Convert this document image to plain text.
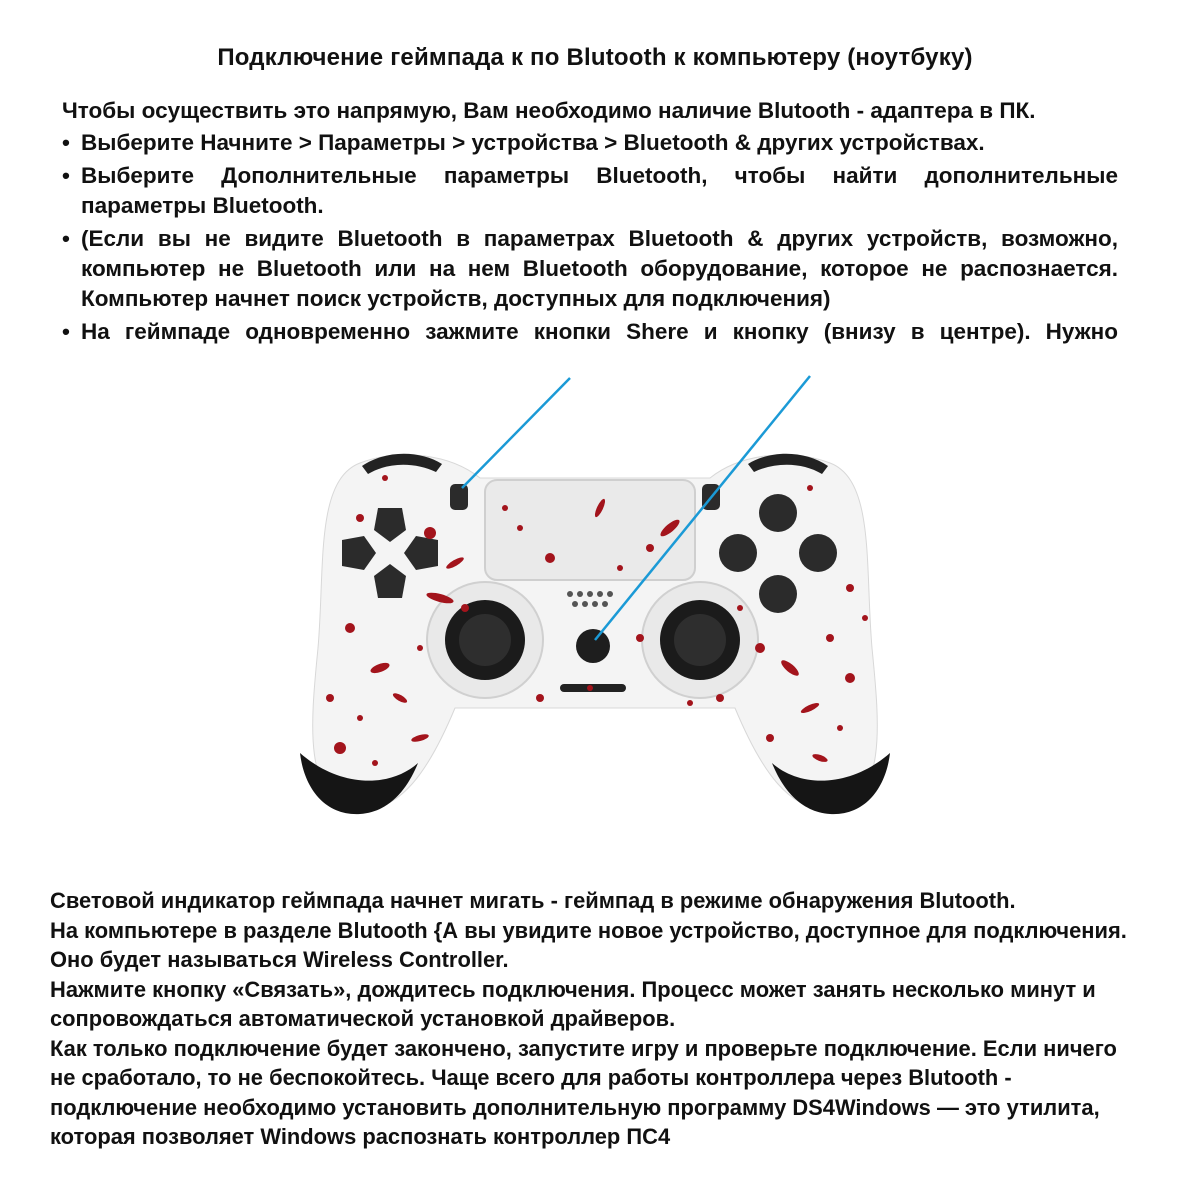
Подключение геймпада к по Blutooth к компьютеру (ноутбуку)

Чтобы осуществить это напрямую, Вам необходимо наличие Blutooth - адаптера в ПК.

• Выберите Начните > Параметры > устройства > Bluetooth & других устройствах.
• Выберите Дополнительные параметры Bluetooth, чтобы найти дополнительные параметры Bluetooth.
• (Если вы не видите Bluetooth в параметрах Bluetooth & других устройств, возможно, компьютер не Bluetooth или на нем Bluetooth оборудование, которое не распознается. Компьютер начнет поиск устройств, доступных для подключения)
• На геймпаде одновременно зажмите кнопки Shere и кнопку (внизу в центре). Нужно
Световой индикатор геймпада начнет мигать - геймпад в режиме обнаружения Blutooth.
На компьютере в разделе Blutooth {А вы увидите новое устройство, доступное для подключения.
Оно будет называться Wireless Controller.
Нажмите кнопку «Связать», дождитесь подключения. Процесс может занять несколько минут и
сопровождаться автоматической установкой драйверов.
Как только подключение будет закончено, запустите игру и проверьте подключение. Если ничего
не сработало, то не беспокойтесь. Чаще всего для работы контроллера через Blutooth -
подключение необходимо установить дополнительную программу DS4Windows — это утилита,
которая позволяет Windows распознать контроллер ПС4
